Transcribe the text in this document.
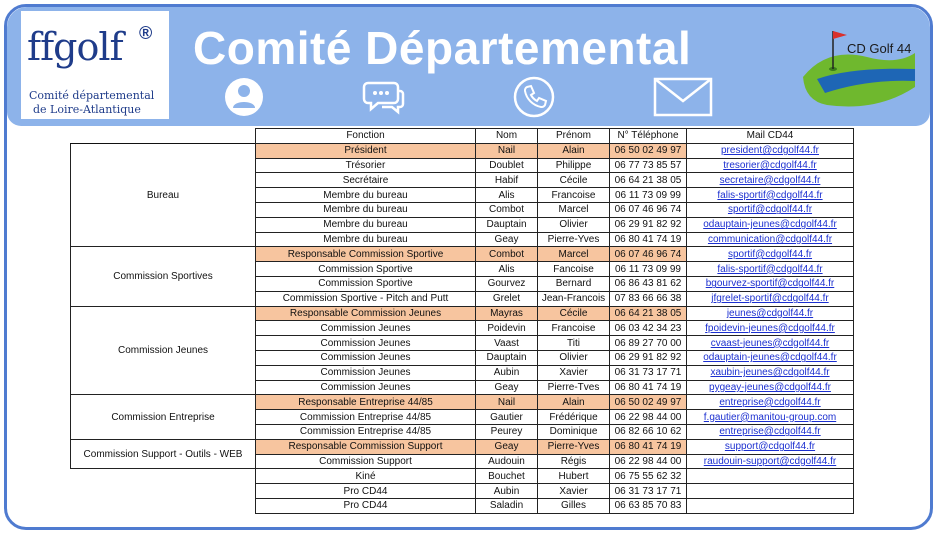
ffgolf ®
Comité départemental
de Loire-Atlantique
Comité Départemental	CD Golf 44
	Fonction	Nom	Prénom	N° Téléphone	Mail CD44
Bureau	Président	Nail	Alain	06 50 02 49 97	president@cdgolf44.fr
	Trésorier	Doublet	Philippe	06 77 73 85 57	tresorier@cdgolf44.fr
	Secrétaire	Habif	Cécile	06 64 21 38 05	secretaire@cdgolf44.fr
	Membre du bureau	Alis	Francoise	06 11 73 09 99	falis-sportif@cdgolf44.fr
	Membre du bureau	Combot	Marcel	06 07 46 96 74	sportif@cdgolf44.fr
	Membre du bureau	Dauptain	Olivier	06 29 91 82 92	odauptain-jeunes@cdgolf44.fr
	Membre du bureau	Geay	Pierre-Yves	06 80 41 74 19	communication@cdgolf44.fr
Commission Sportives	Responsable Commission Sportive	Combot	Marcel	06 07 46 96 74	sportif@cdgolf44.fr
	Commission Sportive	Alis	Fancoise	06 11 73 09 99	falis-sportif@cdgolf44.fr
	Commission Sportive	Gourvez	Bernard	06 86 43 81 62	bgourvez-sportif@cdgolf44.fr
	Commission Sportive - Pitch and Putt	Grelet	Jean-Francois	07 83 66 66 38	jfgrelet-sportif@cdgolf44.fr
Commission Jeunes	Responsable Commission Jeunes	Mayras	Cécile	06 64 21 38 05	jeunes@cdgolf44.fr
	Commission Jeunes	Poidevin	Francoise	06 03 42 34 23	fpoidevin-jeunes@cdgolf44.fr
	Commission Jeunes	Vaast	Titi	06 89 27 70 00	cvaast-jeunes@cdgolf44.fr
	Commission Jeunes	Dauptain	Olivier	06 29 91 82 92	odauptain-jeunes@cdgolf44.fr
	Commission Jeunes	Aubin	Xavier	06 31 73 17 71	xaubin-jeunes@cdgolf44.fr
	Commission Jeunes	Geay	Pierre-Tves	06 80 41 74 19	pygeay-jeunes@cdgolf44.fr
Commission Entreprise	Responsable Entreprise 44/85	Nail	Alain	06 50 02 49 97	entreprise@cdgolf44.fr
	Commission Entreprise 44/85	Gautier	Frédérique	06 22 98 44 00	f.gautier@manitou-group.com
	Commission Entreprise 44/85	Peurey	Dominique	06 82 66 10 62	entreprise@cdgolf44.fr
Commission Support - Outils - WEB	Responsable Commission Support	Geay	Pierre-Yves	06 80 41 74 19	support@cdgolf44.fr
	Commission Support	Audouin	Régis	06 22 98 44 00	raudouin-support@cdgolf44.fr
	Kiné	Bouchet	Hubert	06 75 55 62 32	
	Pro CD44	Aubin	Xavier	06 31 73 17 71	
	Pro CD44	Saladin	Gilles	06 63 85 70 83	
